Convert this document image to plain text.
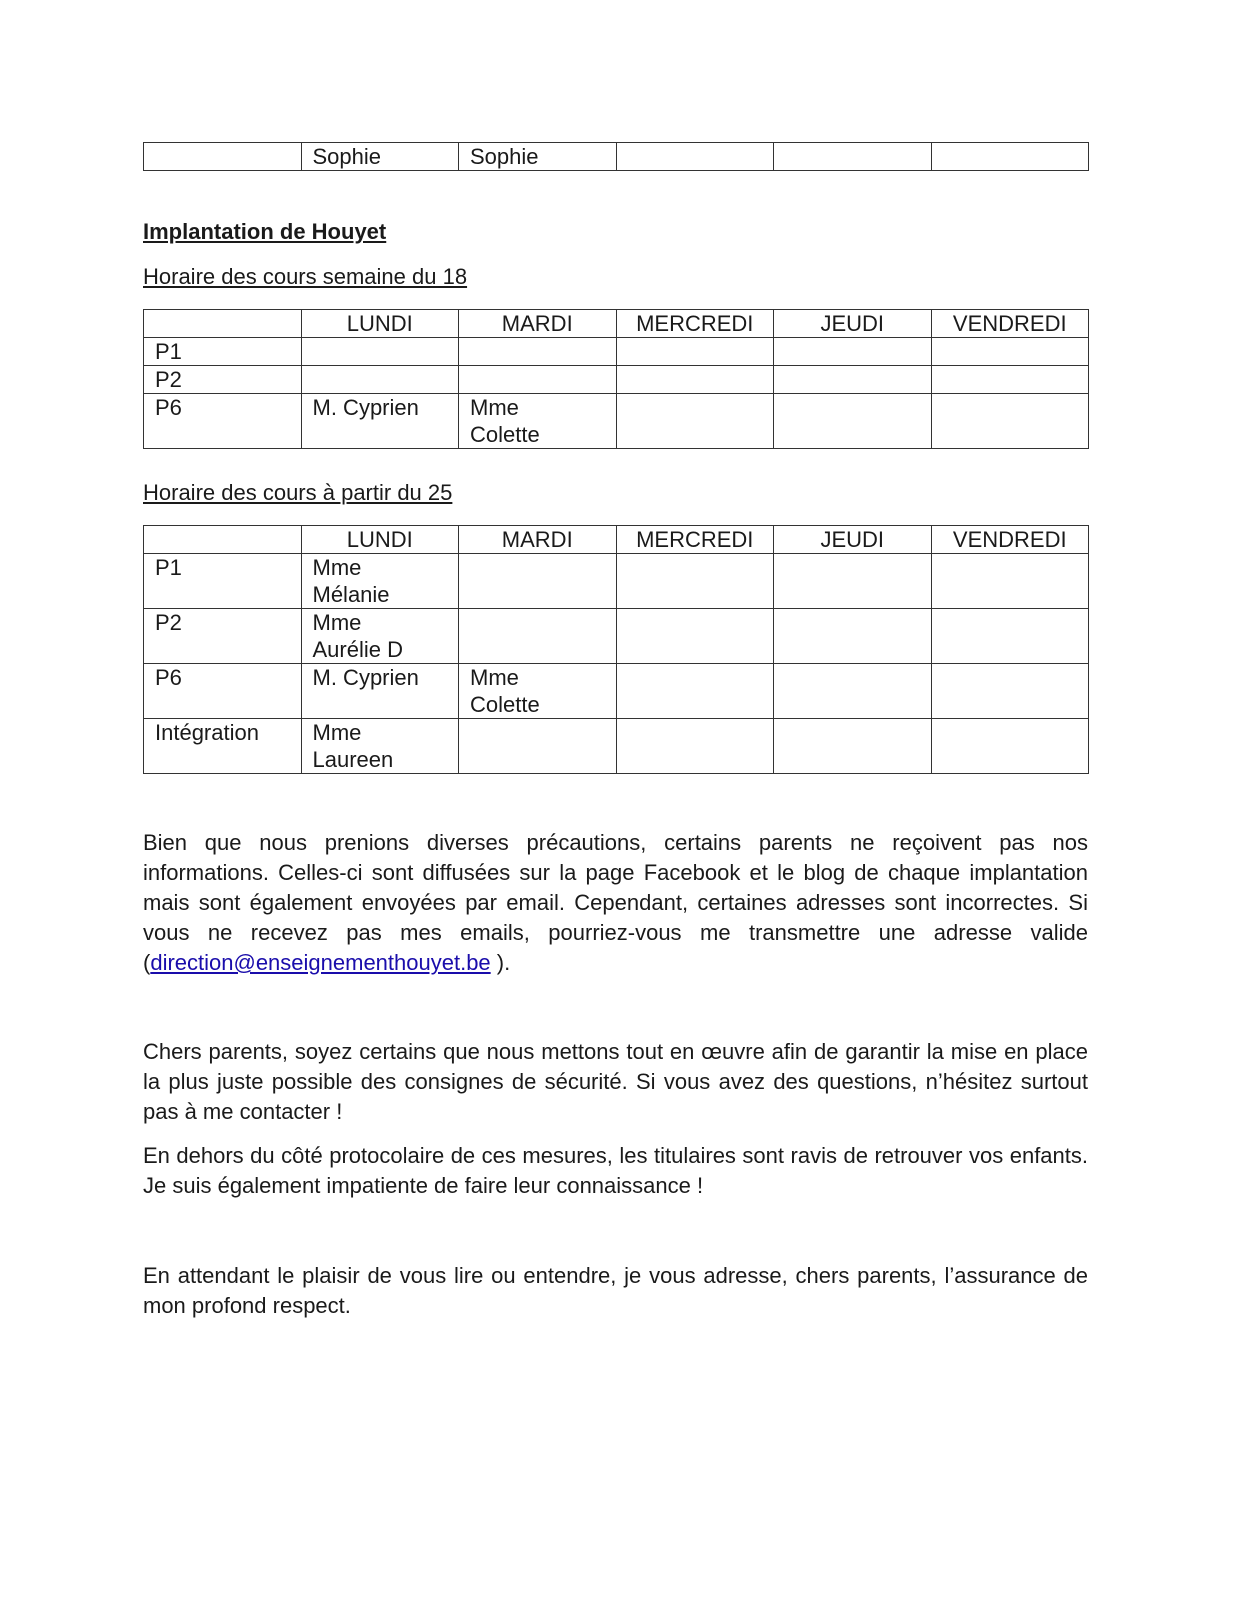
	Sophie	Sophie			
Implantation de Houyet
Horaire des cours semaine du 18
	LUNDI	MARDI	MERCREDI	JEUDI	VENDREDI
P1					
P2					
P6	M. Cyprien	Mme Colette			
Horaire des cours à partir du 25
	LUNDI	MARDI	MERCREDI	JEUDI	VENDREDI
P1	Mme Mélanie				
P2	Mme Aurélie D				
P6	M. Cyprien	Mme Colette			
Intégration	Mme Laureen				

Bien que nous prenions diverses précautions, certains parents ne reçoivent pas nos informations. Celles-ci sont diffusées sur la page Facebook et le blog de chaque implantation mais sont également envoyées par email. Cependant, certaines adresses sont incorrectes. Si vous ne recevez pas mes emails, pourriez-vous me transmettre une adresse valide (direction@enseignementhouyet.be ).

Chers parents, soyez certains que nous mettons tout en œuvre afin de garantir la mise en place la plus juste possible des consignes de sécurité. Si vous avez des questions, n’hésitez surtout pas à me contacter !

En dehors du côté protocolaire de ces mesures, les titulaires sont ravis de retrouver vos enfants. Je suis également impatiente de faire leur connaissance !

En attendant le plaisir de vous lire ou entendre, je vous adresse, chers parents, l’assurance de mon profond respect.
